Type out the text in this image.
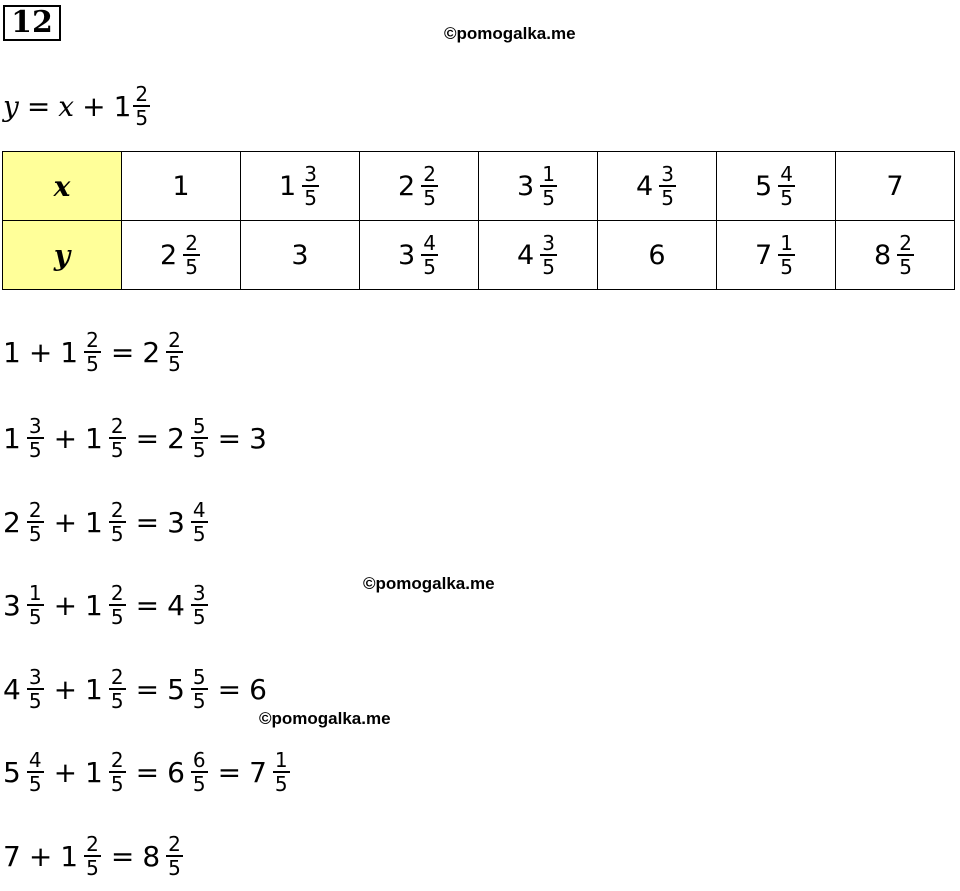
12	©pomogalka.me
$y = x + 1 \frac{2}{5}$
x	1	$1 \frac{3}{5}$	$2 \frac{2}{5}$	$3 \frac{1}{5}$	$4 \frac{3}{5}$	$5 \frac{4}{5}$	7

y	$2 \frac{2}{5}$	3	$3 \frac{4}{5}$	$4 \frac{3}{5}$	6	$7 \frac{1}{5}$	$8 \frac{2}{5}$
$1 + 1 \frac{2}{5} = 2 \frac{2}{5}$
$1 \frac{3}{5} + 1 \frac{2}{5} = 2 \frac{5}{5} = 3$
$2 \frac{2}{5} + 1 \frac{2}{5} = 3 \frac{4}{5}$
$3 \frac{1}{5} + 1 \frac{2}{5} = 4 \frac{3}{5}$
$4 \frac{3}{5} + 1 \frac{2}{5} = 5 \frac{5}{5} = 6$
$5 \frac{4}{5} + 1 \frac{2}{5} = 6 \frac{6}{5} = 7 \frac{1}{5}$
$7 + 1 \frac{2}{5} = 8 \frac{2}{5}$
©pomogalka.me
©pomogalka.me
